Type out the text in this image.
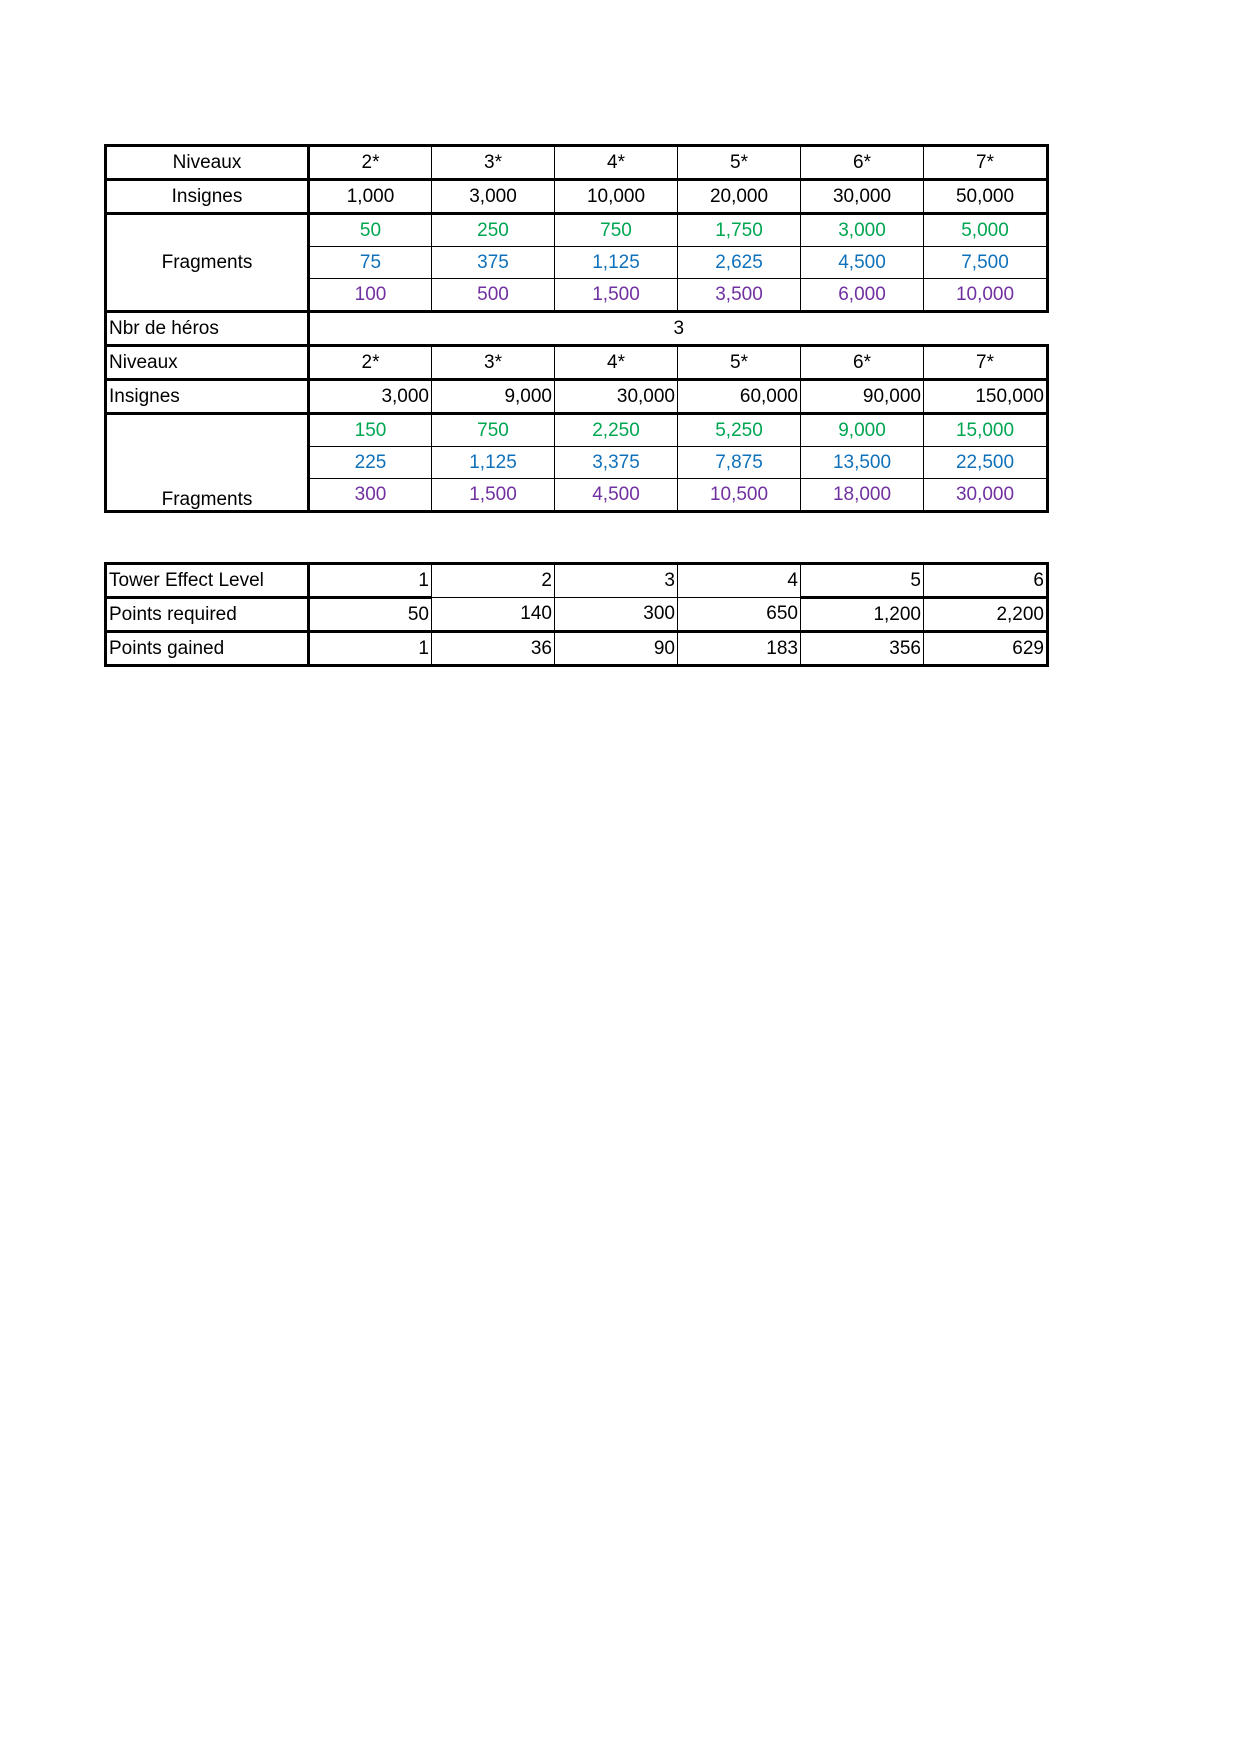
Niveaux	2*	3*	4*	5*	6*	7*
Insignes	1,000	3,000	10,000	20,000	30,000	50,000
Fragments	50	250	750	1,750	3,000	5,000
	75	375	1,125	2,625	4,500	7,500
	100	500	1,500	3,500	6,000	10,000
Nbr de héros	3					
Niveaux	2*	3*	4*	5*	6*	7*
Insignes	3,000	9,000	30,000	60,000	90,000	150,000
Fragments	150	750	2,250	5,250	9,000	15,000
	225	1,125	3,375	7,875	13,500	22,500
	300	1,500	4,500	10,500	18,000	30,000
Tower Effect Level	1	2	3	4	5	6
Points required	50	140	300	650	1,200	2,200
Points gained	1	36	90	183	356	629
